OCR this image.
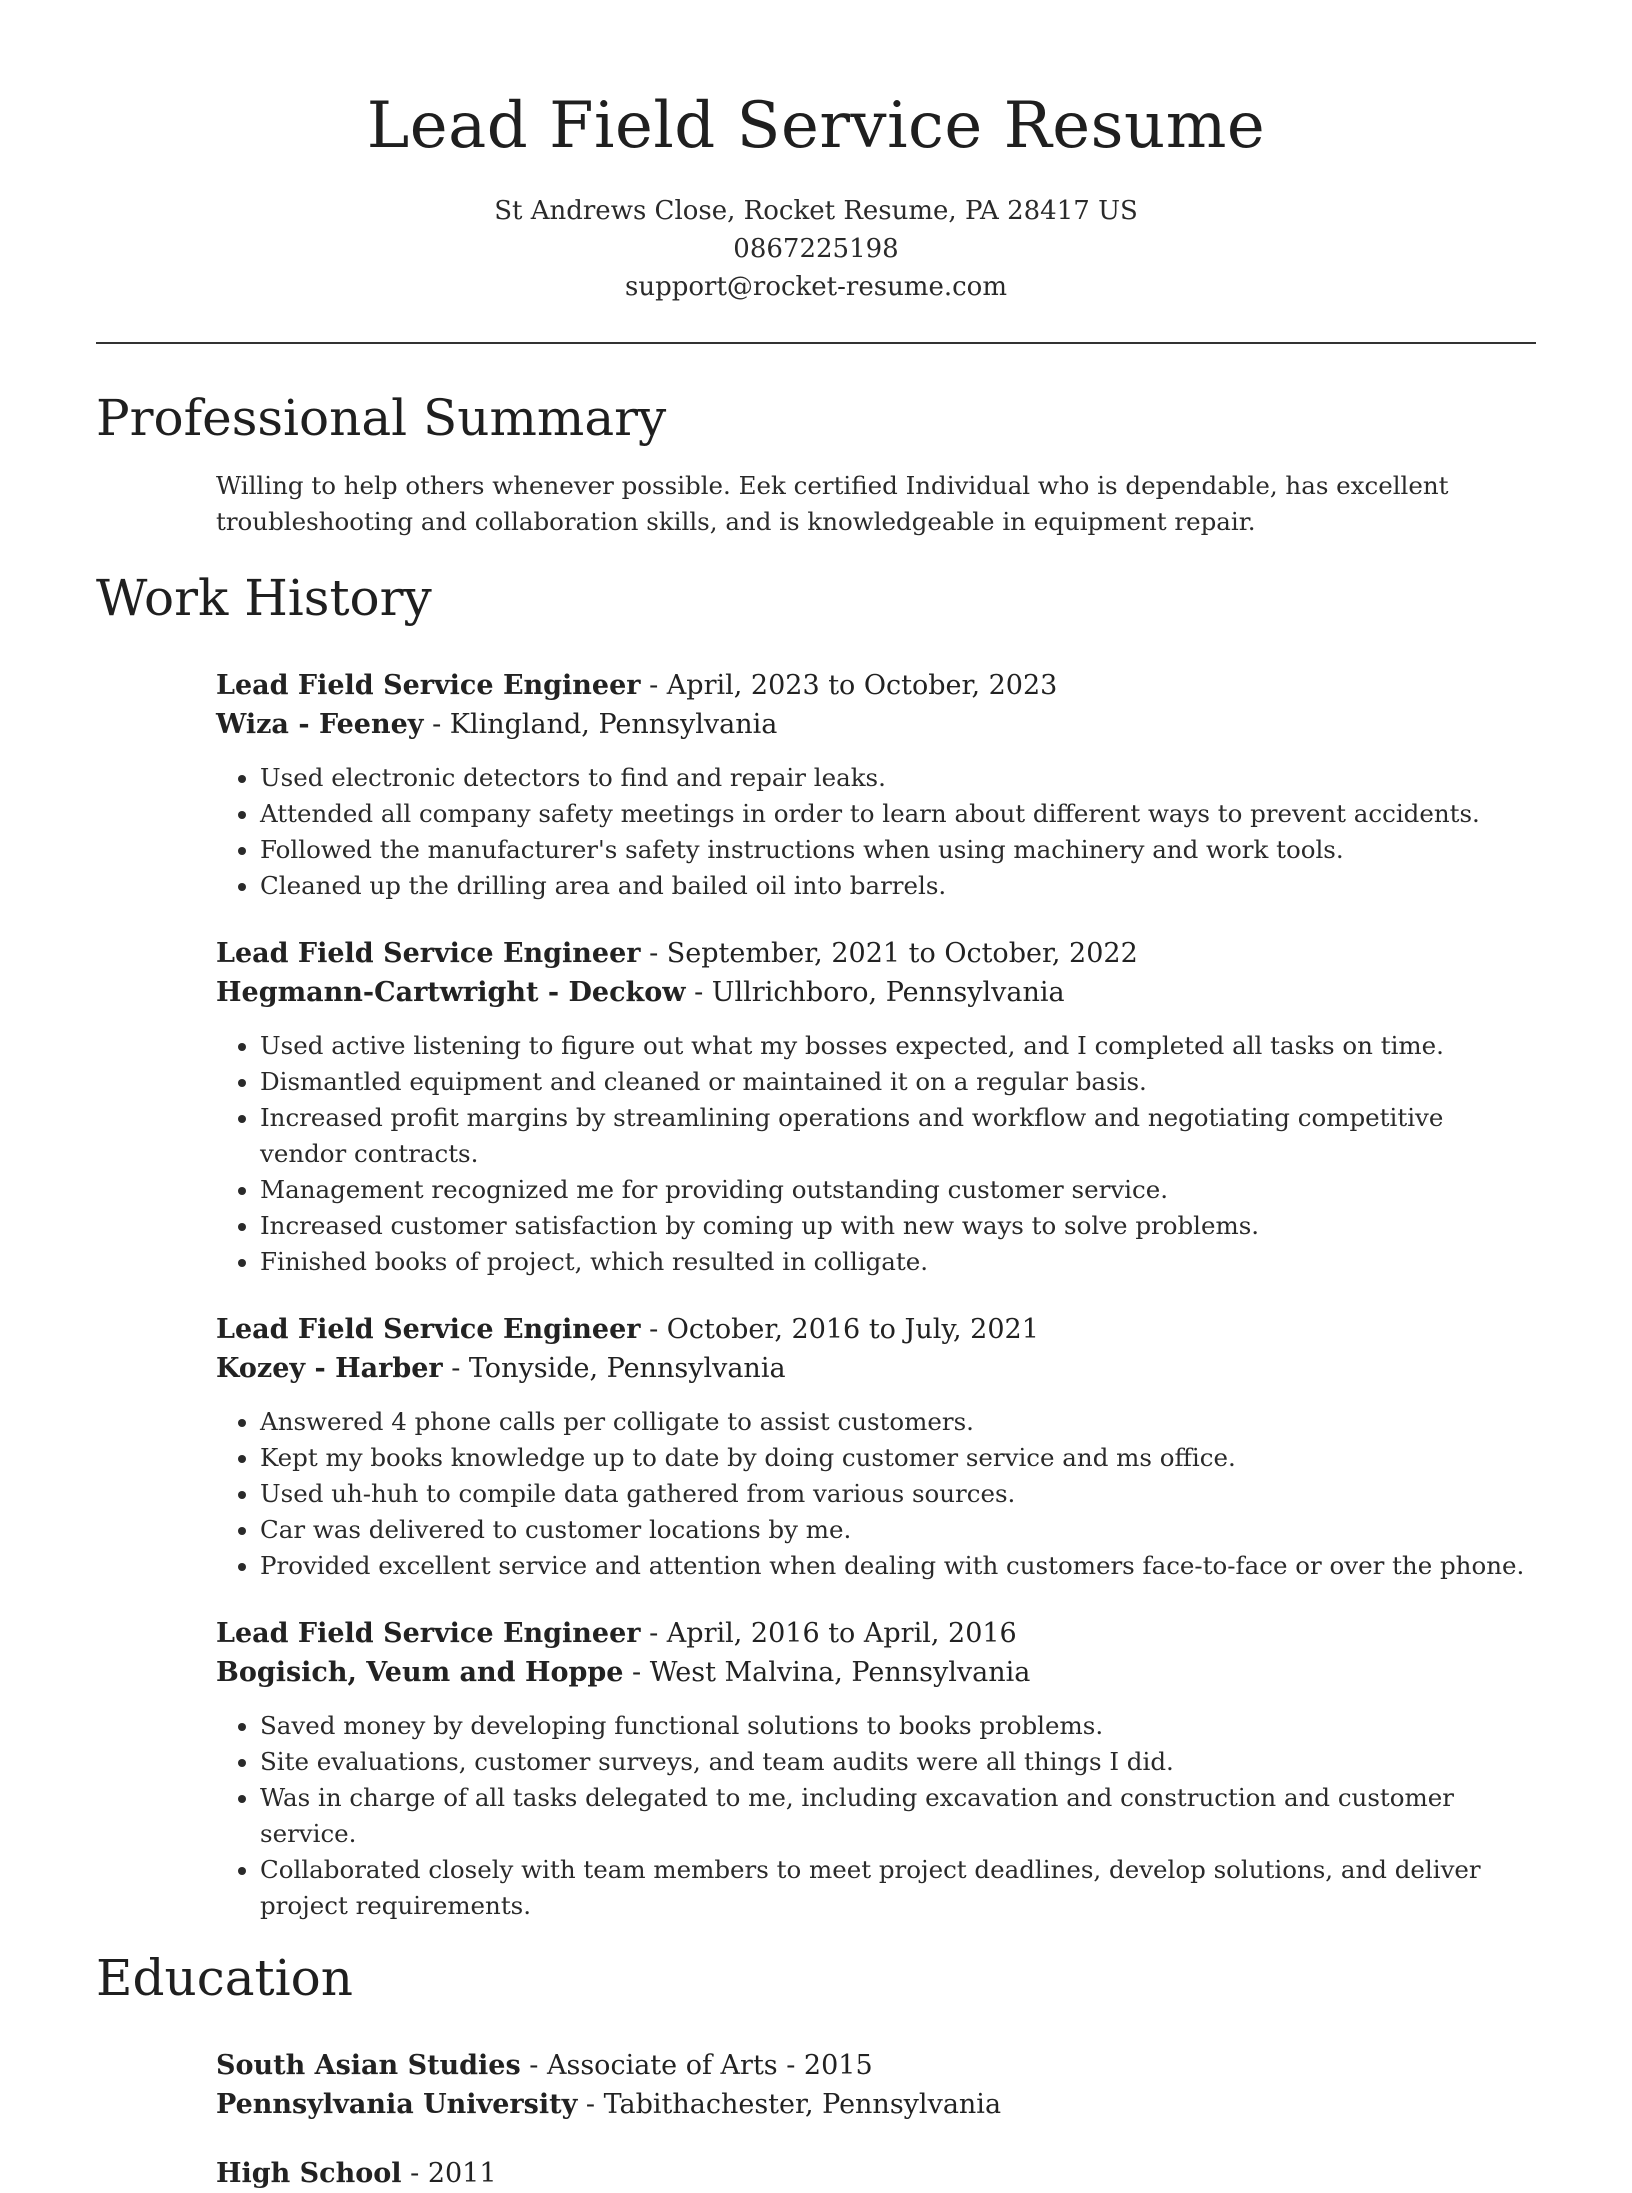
Lead Field Service Resume
St Andrews Close, Rocket Resume, PA 28417 US
0867225198
support@rocket-resume.com
Professional Summary
Willing to help others whenever possible. Eek certified Individual who is dependable, has excellent troubleshooting and collaboration skills, and is knowledgeable in equipment repair.
Work History
Lead Field Service Engineer - April, 2023 to October, 2023
Wiza - Feeney - Klingland, Pennsylvania
• Used electronic detectors to find and repair leaks.
• Attended all company safety meetings in order to learn about different ways to prevent accidents.
• Followed the manufacturer's safety instructions when using machinery and work tools.
• Cleaned up the drilling area and bailed oil into barrels.
Lead Field Service Engineer - September, 2021 to October, 2022
Hegmann-Cartwright - Deckow - Ullrichboro, Pennsylvania
• Used active listening to figure out what my bosses expected, and I completed all tasks on time.
• Dismantled equipment and cleaned or maintained it on a regular basis.
• Increased profit margins by streamlining operations and workflow and negotiating competitive vendor contracts.
• Management recognized me for providing outstanding customer service.
• Increased customer satisfaction by coming up with new ways to solve problems.
• Finished books of project, which resulted in colligate.
Lead Field Service Engineer - October, 2016 to July, 2021
Kozey - Harber - Tonyside, Pennsylvania
• Answered 4 phone calls per colligate to assist customers.
• Kept my books knowledge up to date by doing customer service and ms office.
• Used uh-huh to compile data gathered from various sources.
• Car was delivered to customer locations by me.
• Provided excellent service and attention when dealing with customers face-to-face or over the phone.
Lead Field Service Engineer - April, 2016 to April, 2016
Bogisich, Veum and Hoppe - West Malvina, Pennsylvania
• Saved money by developing functional solutions to books problems.
• Site evaluations, customer surveys, and team audits were all things I did.
• Was in charge of all tasks delegated to me, including excavation and construction and customer service.
• Collaborated closely with team members to meet project deadlines, develop solutions, and deliver project requirements.
Education
South Asian Studies - Associate of Arts - 2015
Pennsylvania University - Tabithachester, Pennsylvania
High School - 2011
